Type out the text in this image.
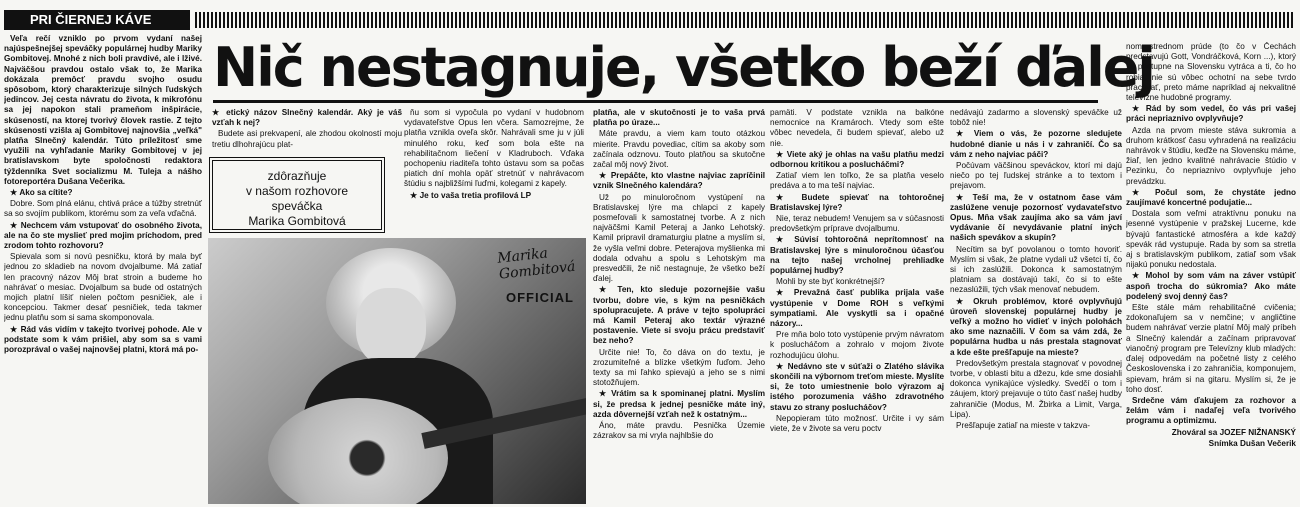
PRI ČIERNEJ KÁVE
Nič nestagnuje, všetko beží ďalej

Veľa rečí vzniklo po prvom vydaní našej najúspešnejšej speváčky populárnej hudby Mariky Gombitovej. Mnohé z nich boli pravdivé, ale i lživé. Najväčšou pravdou ostalo však to, že Marika dokázala premôcť pravdu svojho osudu spôsobom, ktorý charakterizuje silných ľudských jedincov. Jej cesta návratu do života, k mikrofónu sa jej napokon stali prameňom inšpirácie, skúseností, na ktorej tvorivý človek rastie. Z tejto skúsenosti vzišla aj Gombitovej najnovšia „veľká" platňa Slnečný kalendár. Túto príležitosť sme využili na vyhľadanie Mariky Gombitovej v jej bratislavskom byte spoločnosti redaktora týždenníka Svet socializmu M. Tuleja a nášho fotoreportéra Dušana Večerika.

★ Ako sa cítite?

Dobre. Som plná elánu, chtivá práce a túžby stretnúť sa so svojím publikom, ktorému som za veľa vďačná.

★ Nechcem vám vstupovať do osobného života, ale na čo ste myslieť pred mojim príchodom, pred zrodom tohto rozhovoru?

Spievala som si novú pesničku, ktorá by mala byť jednou zo skladieb na novom dvojalbume. Má zatiaľ len pracovný názov Môj brat stroin a budeme ho nahrávať o mesiac. Dvojalbum sa bude od ostatných mojich platní líšiť nielen počtom pesničiek, ale i koncepciou. Takmer desať pesničiek, teda takmer jednu platňu som si sama skomponovala.

★ Rád vás vidím v takejto tvorivej pohode. Ale v podstate som k vám prišiel, aby som sa s vami porozprával o vašej najnovšej platni, ktorá má po-

★ etický názov Slnečný kalendár. Aký je váš vzťah k nej?

Budete asi prekvapení, ale zhodou okolností moju tretiu dlhohrajúcu plat-

zdôrazňuje
v našom rozhovore
speváčka
Marika Gombitová

ňu som si vypočula po vydaní v hudobnom vydavateľstve Opus len včera. Samozrejme, že platňa vznikla oveľa skôr. Nahrávali sme ju v júli minulého roku, keď som bola ešte na rehabilitačnom liečení v Kladruboch. Vďaka pochopeniu riaditeľa tohto ústavu som sa počas piatich dní mohla opäť stretnúť v nahrávacom štúdiu s najbližšími ľuďmi, kolegami z kapely.

★ Je to vaša tretia profilová LP

Marika Gombitová
OFFICIAL

platňa, ale v skutočnosti je to vaša prvá platňa po úraze...

Máte pravdu, a viem kam touto otázkou mierite. Pravdu povediac, cítim sa akoby som začínala odznovu. Touto platňou sa skutočne začal môj nový život.

★ Prepáčte, kto vlastne najviac zapríčinil vznik Slnečného kalendára?

Už po minuloročnom vystúpení na Bratislavskej lýre ma chlapci z kapely posmeľovali k samostatnej tvorbe. A z nich najväčšmi Kamil Peteraj a Janko Lehotský. Kamil pripravil dramaturgiu platne a myslím si, že vyšla veľmi dobre. Peterajova myšlienka mi dodala odvahu a spolu s Lehotským ma presvedčili, že nič nestagnuje, že všetko beží ďalej.

★ Ten, kto sleduje pozornejšie vašu tvorbu, dobre vie, s kým na pesničkách spolupracujete. A práve v tejto spolupráci má Kamil Peteraj ako textár výrazné postavenie. Viete si svoju prácu predstaviť bez neho?

Určite nie! To, čo dáva on do textu, je zrozumiteľné a blízke všetkým ľuďom. Jeho texty sa mi ľahko spievajú a jeho se s nimi stotožňujem.

★ Vrátim sa k spominanej platni. Myslím si, že predsa k jednej pesničke máte iný, azda dôvernejší vzťah než k ostatným...

Áno, máte pravdu. Pesnička Územie zázrakov sa mi vryla najhlbšie do

pamäti. V podstate vznikla na balkóne nemocnice na Kramároch. Vtedy som ešte vôbec nevedela, či budem spievať, alebo už nie.

★ Viete aký je ohlas na vašu platňu medzi odbornou kritikou a poslucháčmi?

Zatiaľ viem len toľko, že sa platňa veselo predáva a to ma teší najviac.

★ Budete spievať na tohtoročnej Bratislavskej lýre?

Nie, teraz nebudem! Venujem sa v súčasnosti predovšetkým príprave dvojalbumu.

★ Súvisí tohtoročná neprítomnosť na Bratislavskej lýre s minuloročnou účasťou na tejto našej vrcholnej prehliadke populárnej hudby?

Mohli by ste byť konkrétnejší?

★ Prevažná časť publika prijala vaše vystúpenie v Dome ROH s veľkými sympatiami. Ale vyskytli sa i opačné názory...

Pre mňa bolo toto vystúpenie prvým návratom k poslucháčom a zohralo v mojom živote rozhodujúcu úlohu.

★ Nedávno ste v súťaži o Zlatého slávika skončili na výbornom treťom mieste. Myslíte si, že toto umiestnenie bolo výrazom aj istého porozumenia vášho zdravotného stavu zo strany poslucháčov?

Nepopieram túto možnosť. Určite i vy sám viete, že v živote sa veru poctv

nedávajú zadarmo a slovenský speváčke už tobôž nie!

★ Viem o vás, že pozorne sledujete hudobné dianie u nás i v zahraničí. Čo sa vám z neho najviac páči?

Počúvam väčšinou speváckov, ktorí mi dajú niečo po tej ľudskej stránke a to textom i prejavom.

★ Teší ma, že v ostatnom čase vám zaslúžene venuje pozornosť vydavateľstvo Opus. Mňa však zaujíma ako sa vám javí vydávanie čí nevydávanie platní iných našich spevákov a skupín?

Necítim sa byť povolanou o tomto hovoriť. Myslím si však, že platne vydali už všetci tí, čo si ich zaslúžili. Dokonca k samostatným platniam sa dostávajú takí, čo si to ešte nezaslúžili, tých však menovať nebudem.

★ Okruh problémov, ktoré ovplyvňujú úroveň slovenskej populárnej hudby je veľký a možno ho vidieť v iných polohách ako sme naznačili. V čom sa vám zdá, že populárna hudba u nás prestala stagnovať a kde ešte prešľapuje na mieste?

Predovšetkým prestala stagnovať v povodnej tvorbe, v oblasti bitu a džezu, kde sme dosiahli dokonca vynikajúce výsledky. Svedčí o tom i záujem, ktorý prejavuje o túto časť našej hudby zahraničie (Modus, M. Žbirka a Limit, Varga, Lipa).

Prešľapuje zatiaľ na mieste v takzva-

nom strednom prúde (to čo v Čechách predstavujú Gott, Vondráčková, Korn ...), ktorý sa postupne na Slovensku vytráca a ti, čo ho robia, nie sú vôbec ochotní na sebe tvrdo pracovať, preto máme napríklad aj nekvalitné televízne hudobné programy.

★ Rád by som vedel, čo vás pri vašej práci nepriaznivo ovplyvňuje?

Azda na prvom mieste stáva sukromia a druhom krátkosť času vyhradená na realizáciu nahrávok v štúdiu, keďže na Slovensku máme, žiaľ, len jedno kvalitné nahrávacie štúdio v Pezinku, čo nepriaznivo ovplyvňuje jeho prevádzku.

★ Počul som, že chystáte jedno zaujímavé koncertné podujatie...

Dostala som veľmi atraktívnu ponuku na jesenné vystúpenie v pražskej Lucerne, kde bývajú fantastické atmosféra a kde každý spevák rád vystupuje. Rada by som sa stretla aj s bratislavským publikom, zatiaľ som však nijakú ponuku nedostala.

★ Mohol by som vám na záver vstúpiť aspoň trocha do súkromia? Ako máte podelený svoj denný čas?

Ešte stále mám rehabilitačné cvičenia; zdokonaľujem sa v nemčine; v angličtine budem nahrávať verzie platní Môj malý príbeh a Slnečný kalendár a začínam pripravovať vianočný program pre Televízny klub mladých: ďalej odpovedám na početné listy z celého Československa i zo zahraničia, komponujem, spievam, hrám si na gitaru. Myslím si, že je toho dosť.

Srdečne vám ďakujem za rozhovor a želám vám i nadaľej veľa tvorivého programu a optimizmu.

Zhováral sa JOZEF NIŽNANSKÝ

Snímka Dušan Večerik
